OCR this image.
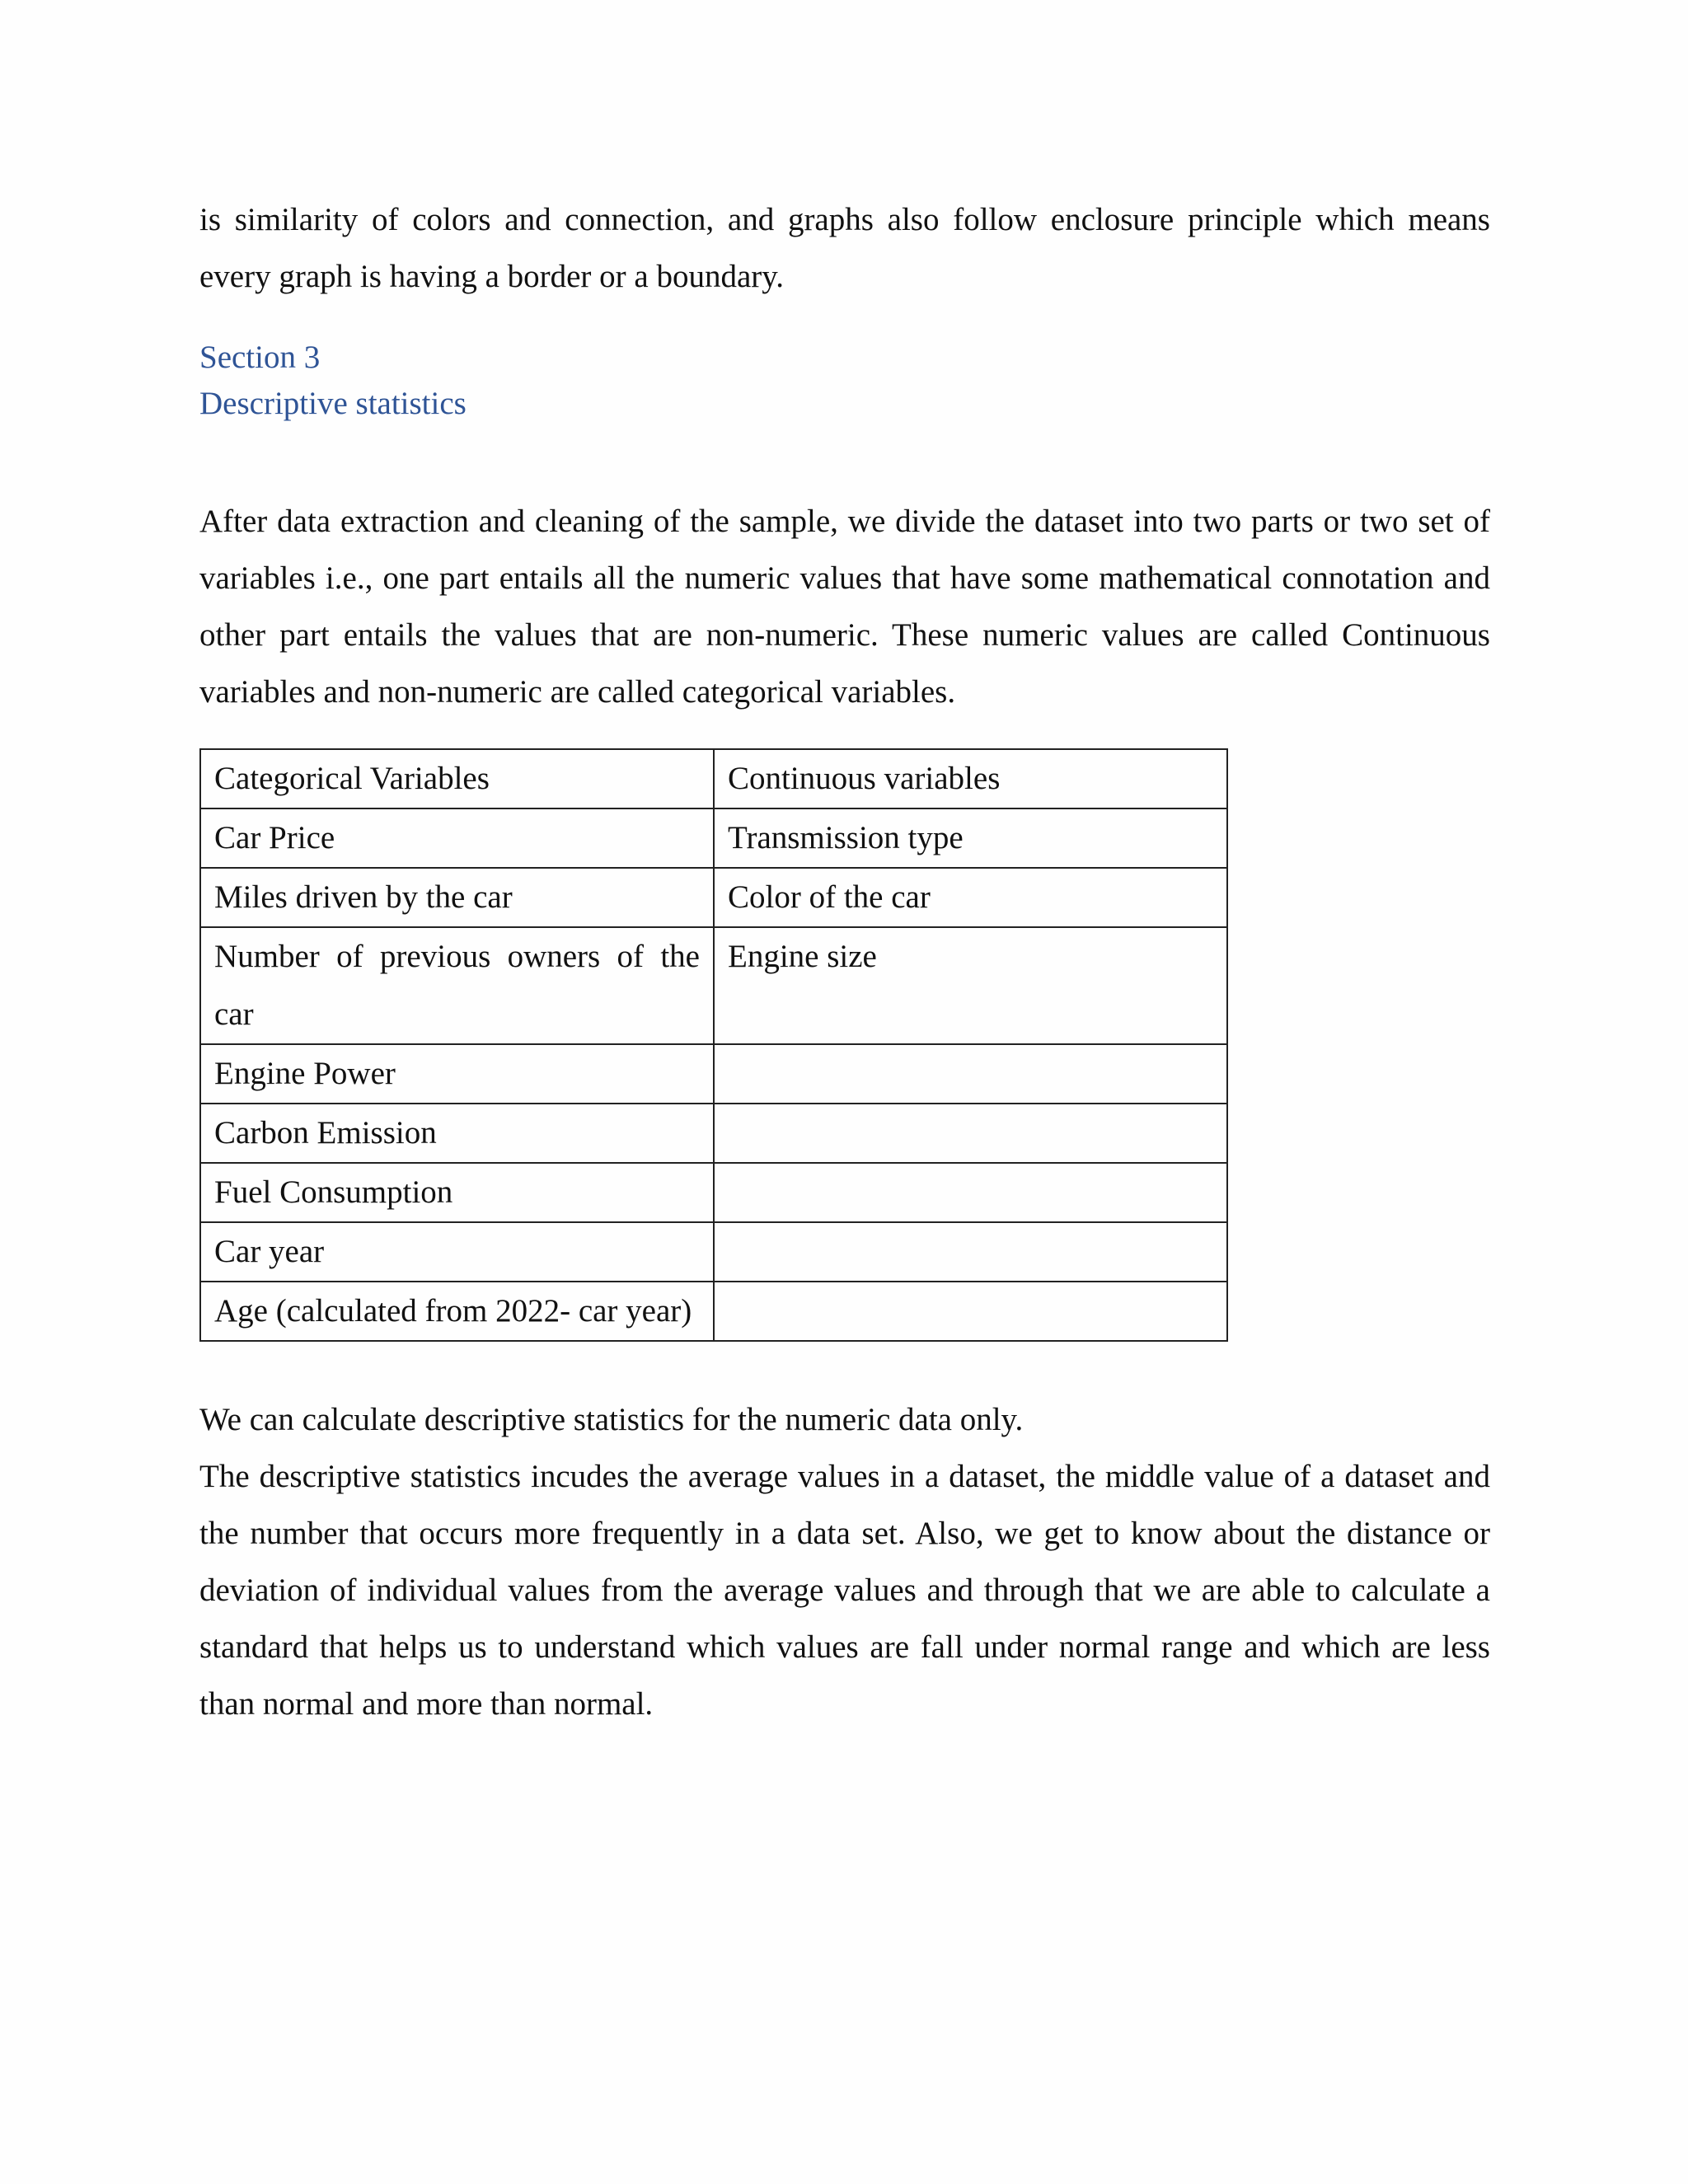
is similarity of colors and connection, and graphs also follow enclosure principle which means every graph is having a border or a boundary.

Section 3
Descriptive statistics

After data extraction and cleaning of the sample, we divide the dataset into two parts or two set of variables i.e., one part entails all the numeric values that have some mathematical connotation and other part entails the values that are non-numeric. These numeric values are called Continuous variables and non-numeric are called categorical variables.

Categorical Variables	Continuous variables
Car Price	Transmission type
Miles driven by the car	Color of the car
Number of previous owners of the car	Engine size
Engine Power	
Carbon Emission	
Fuel Consumption	
Car year	
Age (calculated from 2022- car year)	

We can calculate descriptive statistics for the numeric data only.

The descriptive statistics incudes the average values in a dataset, the middle value of a dataset and the number that occurs more frequently in a data set. Also, we get to know about the distance or deviation of individual values from the average values and through that we are able to calculate a standard that helps us to understand which values are fall under normal range and which are less than normal and more than normal.
